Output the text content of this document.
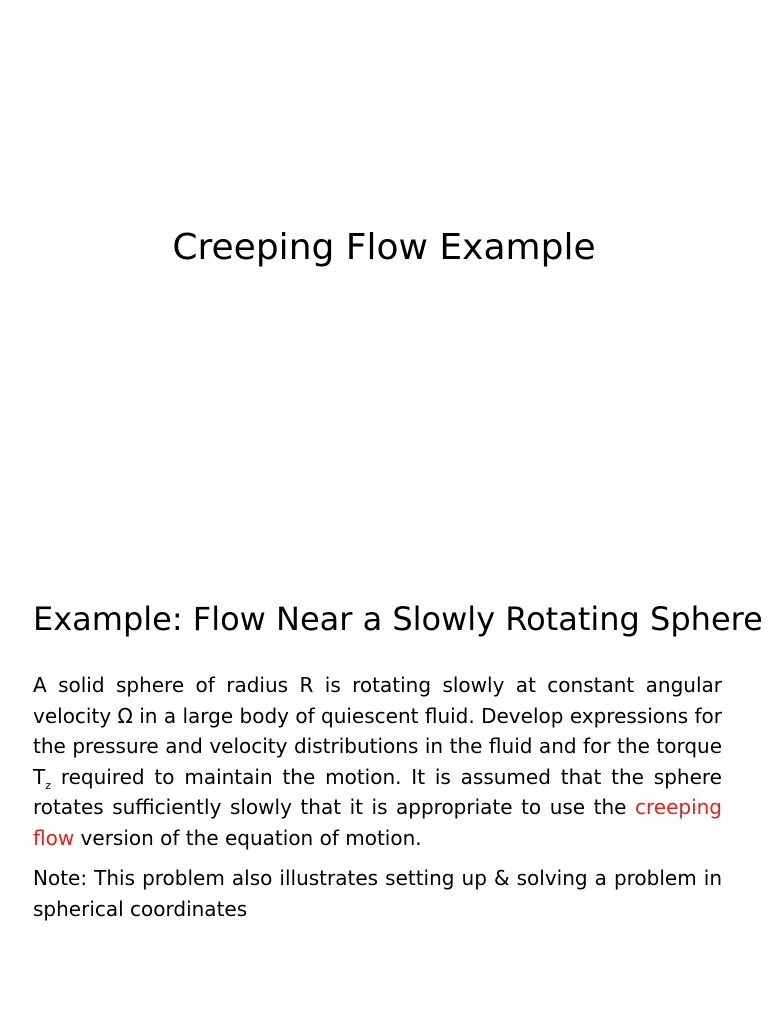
Creeping Flow Example
Example: Flow Near a Slowly Rotating Sphere

A solid sphere of radius R is rotating slowly at constant angular velocity Ω in a large body of quiescent fluid. Develop expressions for the pressure and velocity distributions in the fluid and for the torque $T_z$ required to maintain the motion. It is assumed that the sphere rotates sufficiently slowly that it is appropriate to use the creeping flow version of the equation of motion.

Note: This problem also illustrates setting up & solving a problem in spherical coordinates
